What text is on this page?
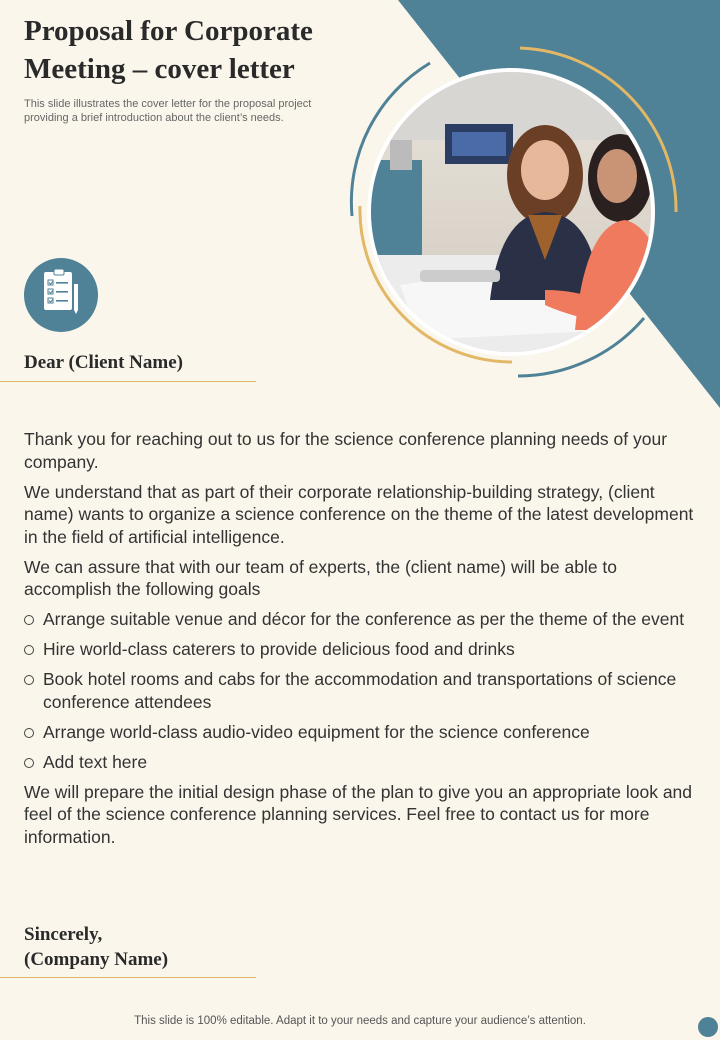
Proposal for Corporate
Meeting – cover letter
This slide illustrates the cover letter for the proposal project providing a brief introduction about the client’s needs.
Dear (Client Name)

Thank you for reaching out to us for the science conference planning needs of your company.

We understand that as part of their corporate relationship-building strategy, (client name) wants to organize a science conference on the theme of the latest development in the field of artificial intelligence.

We can assure that with our team of experts, the (client name) will be able to accomplish the following goals

Arrange suitable venue and décor for the conference as per the theme of the event
Hire world-class caterers to provide delicious food and drinks
Book hotel rooms and cabs for the accommodation and transportations of science conference attendees
Arrange world-class audio-video equipment for the science conference
Add text here

We will prepare the initial design phase of the plan to give you an appropriate look and feel of the science conference planning services. Feel free to contact us for more information.

Sincerely,
(Company Name)
This slide is 100% editable. Adapt it to your needs and capture your audience’s attention.
